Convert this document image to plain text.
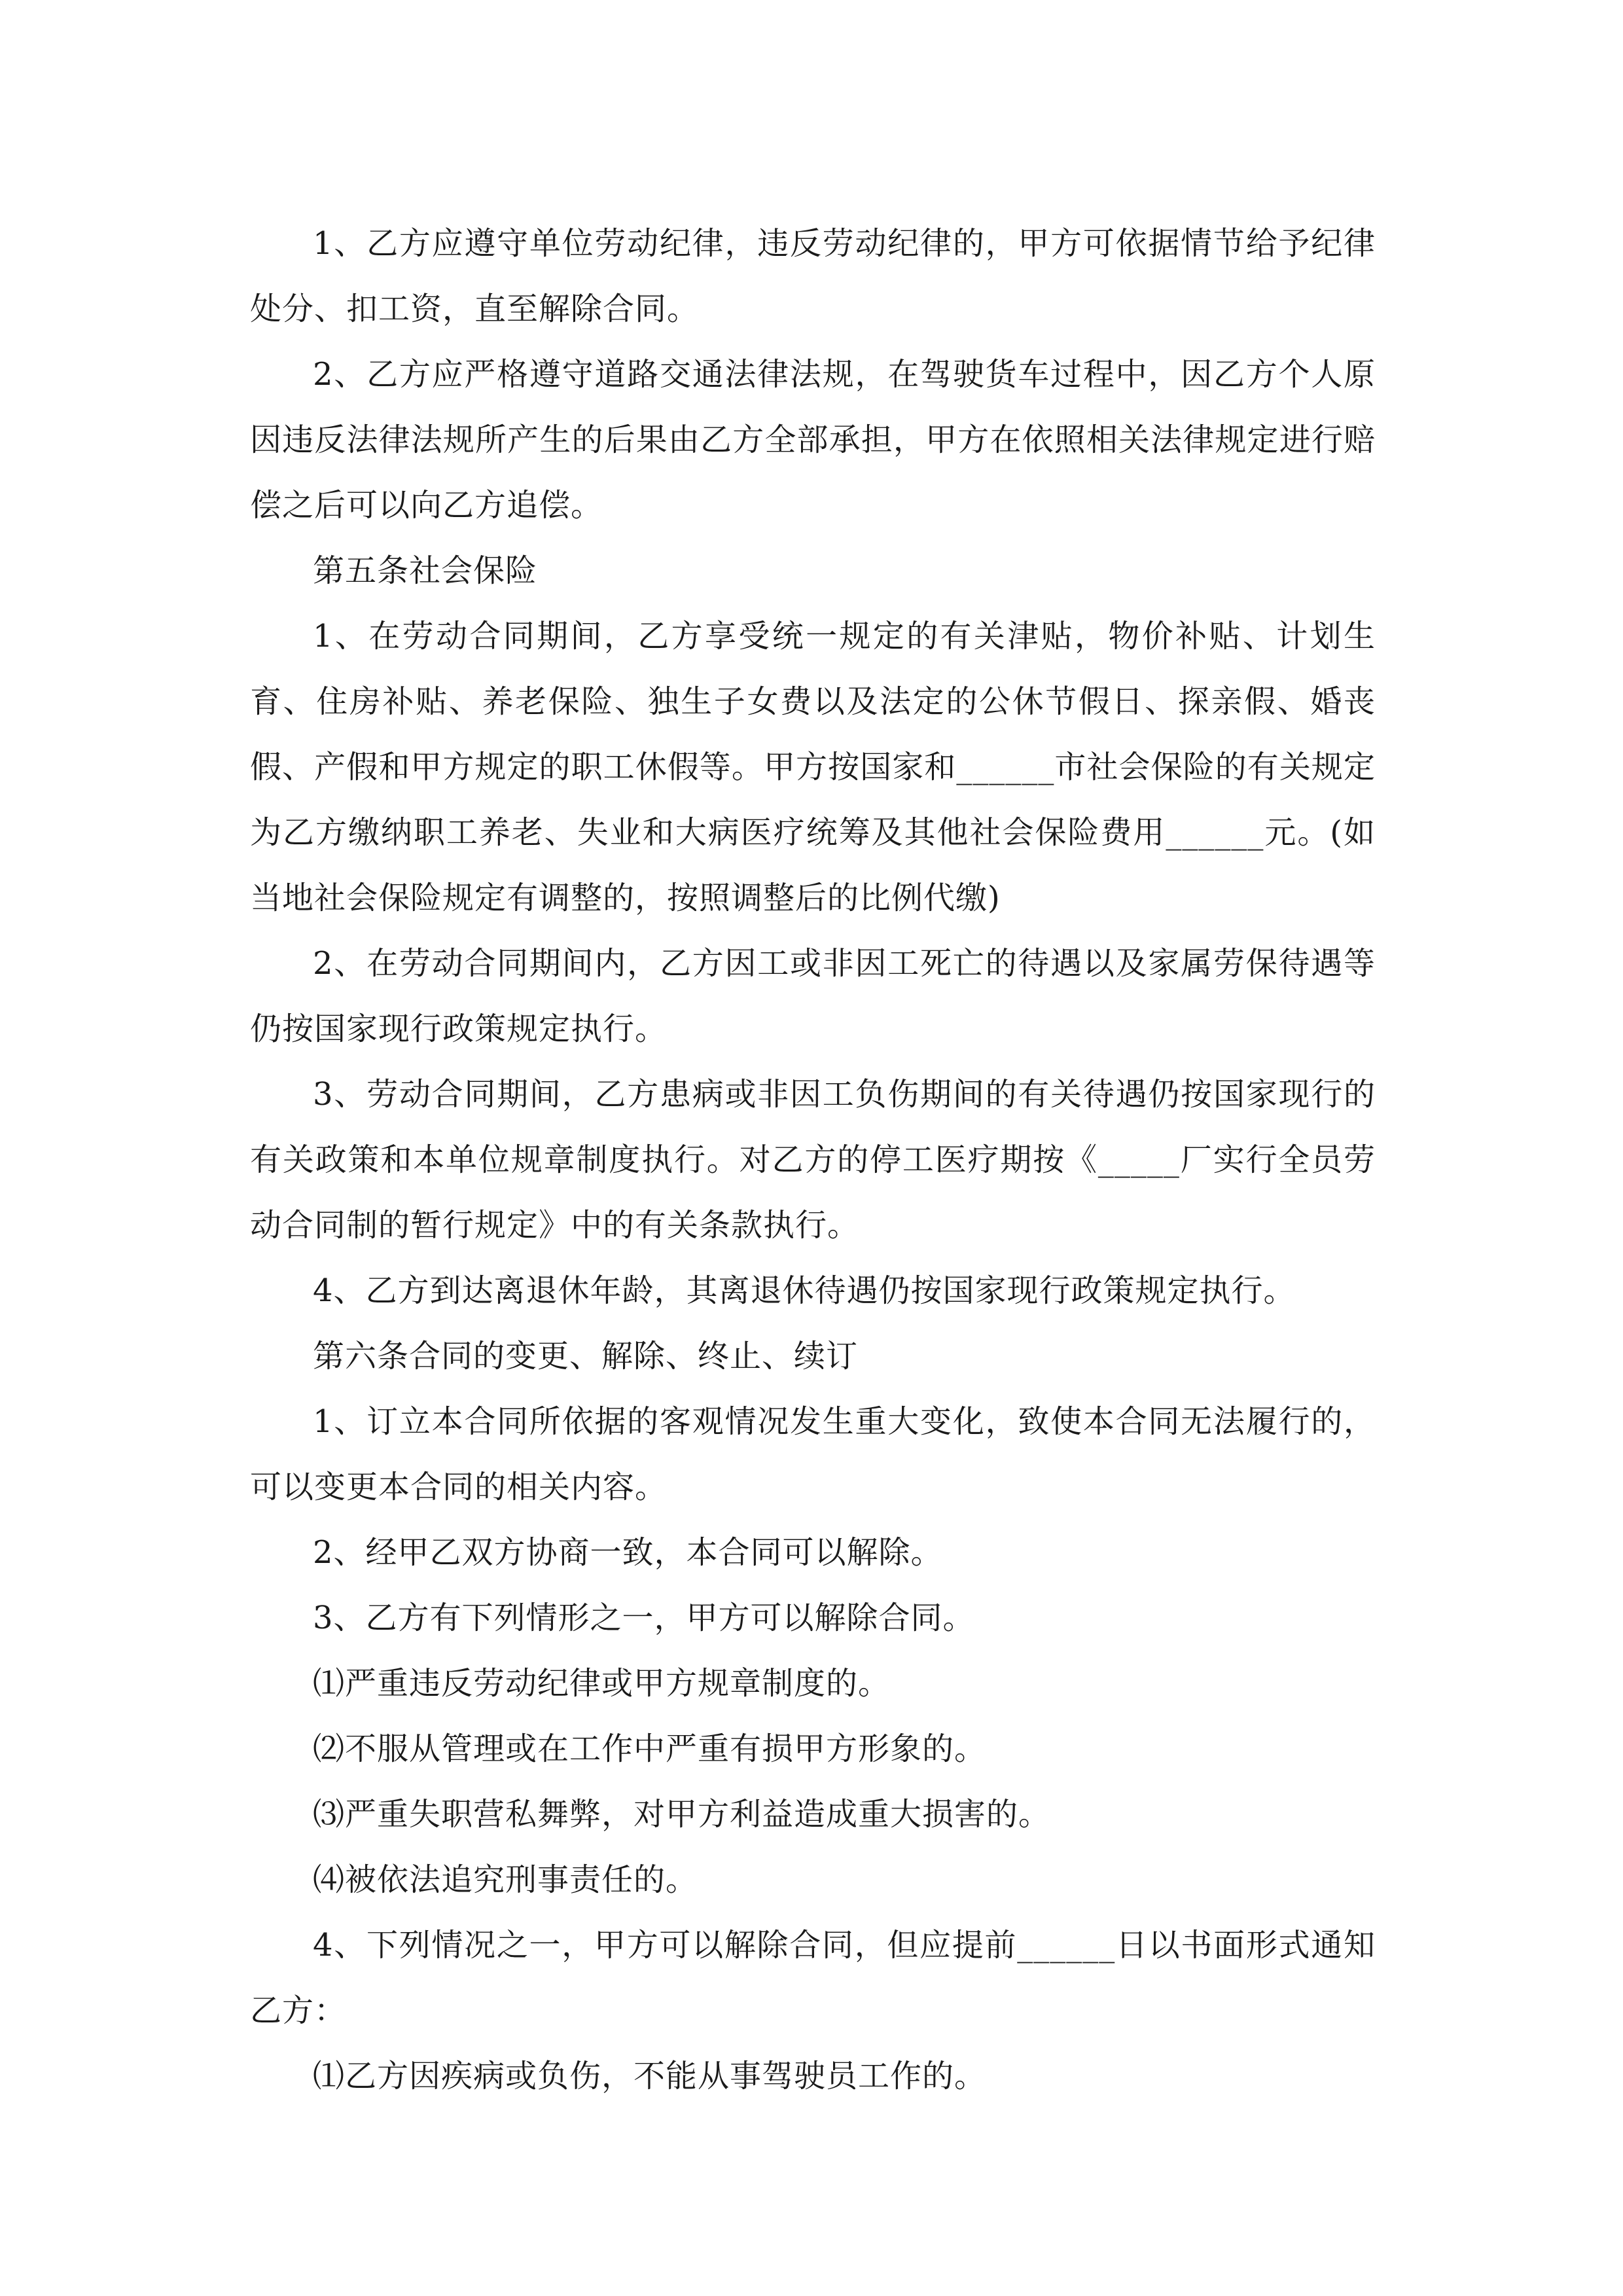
1、乙方应遵守单位劳动纪律，违反劳动纪律的，甲方可依据情节给予纪律处分、扣工资，直至解除合同。

2、乙方应严格遵守道路交通法律法规，在驾驶货车过程中，因乙方个人原因违反法律法规所产生的后果由乙方全部承担，甲方在依照相关法律规定进行赔偿之后可以向乙方追偿。

第五条社会保险

1、在劳动合同期间，乙方享受统一规定的有关津贴，物价补贴、计划生育、住房补贴、养老保险、独生子女费以及法定的公休节假日、探亲假、婚丧假、产假和甲方规定的职工休假等。甲方按国家和______市社会保险的有关规定为乙方缴纳职工养老、失业和大病医疗统筹及其他社会保险费用______元。(如当地社会保险规定有调整的，按照调整后的比例代缴)

2、在劳动合同期间内，乙方因工或非因工死亡的待遇以及家属劳保待遇等仍按国家现行政策规定执行。

3、劳动合同期间，乙方患病或非因工负伤期间的有关待遇仍按国家现行的有关政策和本单位规章制度执行。对乙方的停工医疗期按《_____厂实行全员劳动合同制的暂行规定》中的有关条款执行。

4、乙方到达离退休年龄，其离退休待遇仍按国家现行政策规定执行。

第六条合同的变更、解除、终止、续订

1、订立本合同所依据的客观情况发生重大变化，致使本合同无法履行的，可以变更本合同的相关内容。

2、经甲乙双方协商一致，本合同可以解除。

3、乙方有下列情形之一，甲方可以解除合同。

⑴严重违反劳动纪律或甲方规章制度的。

⑵不服从管理或在工作中严重有损甲方形象的。

⑶严重失职营私舞弊，对甲方利益造成重大损害的。

⑷被依法追究刑事责任的。

4、下列情况之一，甲方可以解除合同，但应提前______日以书面形式通知乙方：

⑴乙方因疾病或负伤，不能从事驾驶员工作的。
